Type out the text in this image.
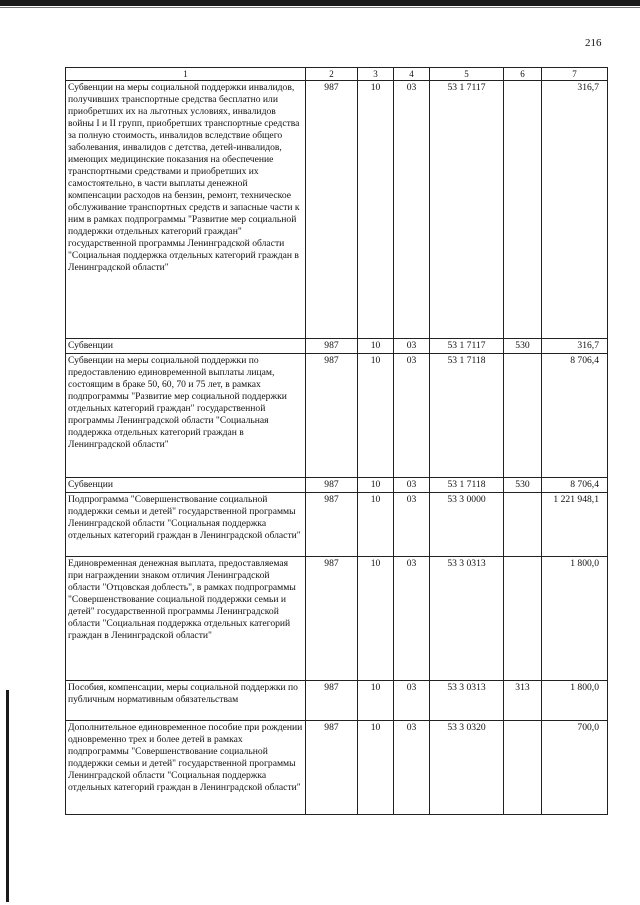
216
1	2	3	4	5	6	7
Субвенции на меры социальной поддержки инвалидов, получивших транспортные средства бесплатно или приобретших их на льготных условиях, инвалидов войны I и II групп, приобретших транспортные средства за полную стоимость, инвалидов вследствие общего заболевания, инвалидов с детства, детей-инвалидов, имеющих медицинские показания на обеспечение транспортными средствами и приобретших их самостоятельно, в части выплаты денежной компенсации расходов на бензин, ремонт, техническое обслуживание транспортных средств и запасные части к ним в рамках подпрограммы "Развитие мер социальной поддержки отдельных категорий граждан" государственной программы Ленинградской области "Социальная поддержка отдельных категорий граждан в Ленинградской области"	987	10	03	53 1 7117		316,7
Субвенции	987	10	03	53 1 7117	530	316,7
Субвенции на меры социальной поддержки по предоставлению единовременной выплаты лицам, состоящим в браке 50, 60, 70 и 75 лет, в рамках подпрограммы "Развитие мер социальной поддержки отдельных категорий граждан" государственной программы Ленинградской области "Социальная поддержка отдельных категорий граждан в Ленинградской области"	987	10	03	53 1 7118		8 706,4
Субвенции	987	10	03	53 1 7118	530	8 706,4
Подпрограмма "Совершенствование социальной поддержки семьи и детей" государственной программы Ленинградской области "Социальная поддержка отдельных категорий граждан в Ленинградской области"	987	10	03	53 3 0000		1 221 948,1
Единовременная денежная выплата, предоставляемая при награждении знаком отличия Ленинградской области "Отцовская доблесть", в рамках подпрограммы "Совершенствование социальной поддержки семьи и детей" государственной программы Ленинградской области "Социальная поддержка отдельных категорий граждан в Ленинградской области"	987	10	03	53 3 0313		1 800,0
Пособия, компенсации, меры социальной поддержки по публичным нормативным обязательствам	987	10	03	53 3 0313	313	1 800,0
Дополнительное единовременное пособие при рождении одновременно трех и более детей в рамках подпрограммы "Совершенствование социальной поддержки семьи и детей" государственной программы Ленинградской области "Социальная поддержка отдельных категорий граждан в Ленинградской области"	987	10	03	53 3 0320		700,0
